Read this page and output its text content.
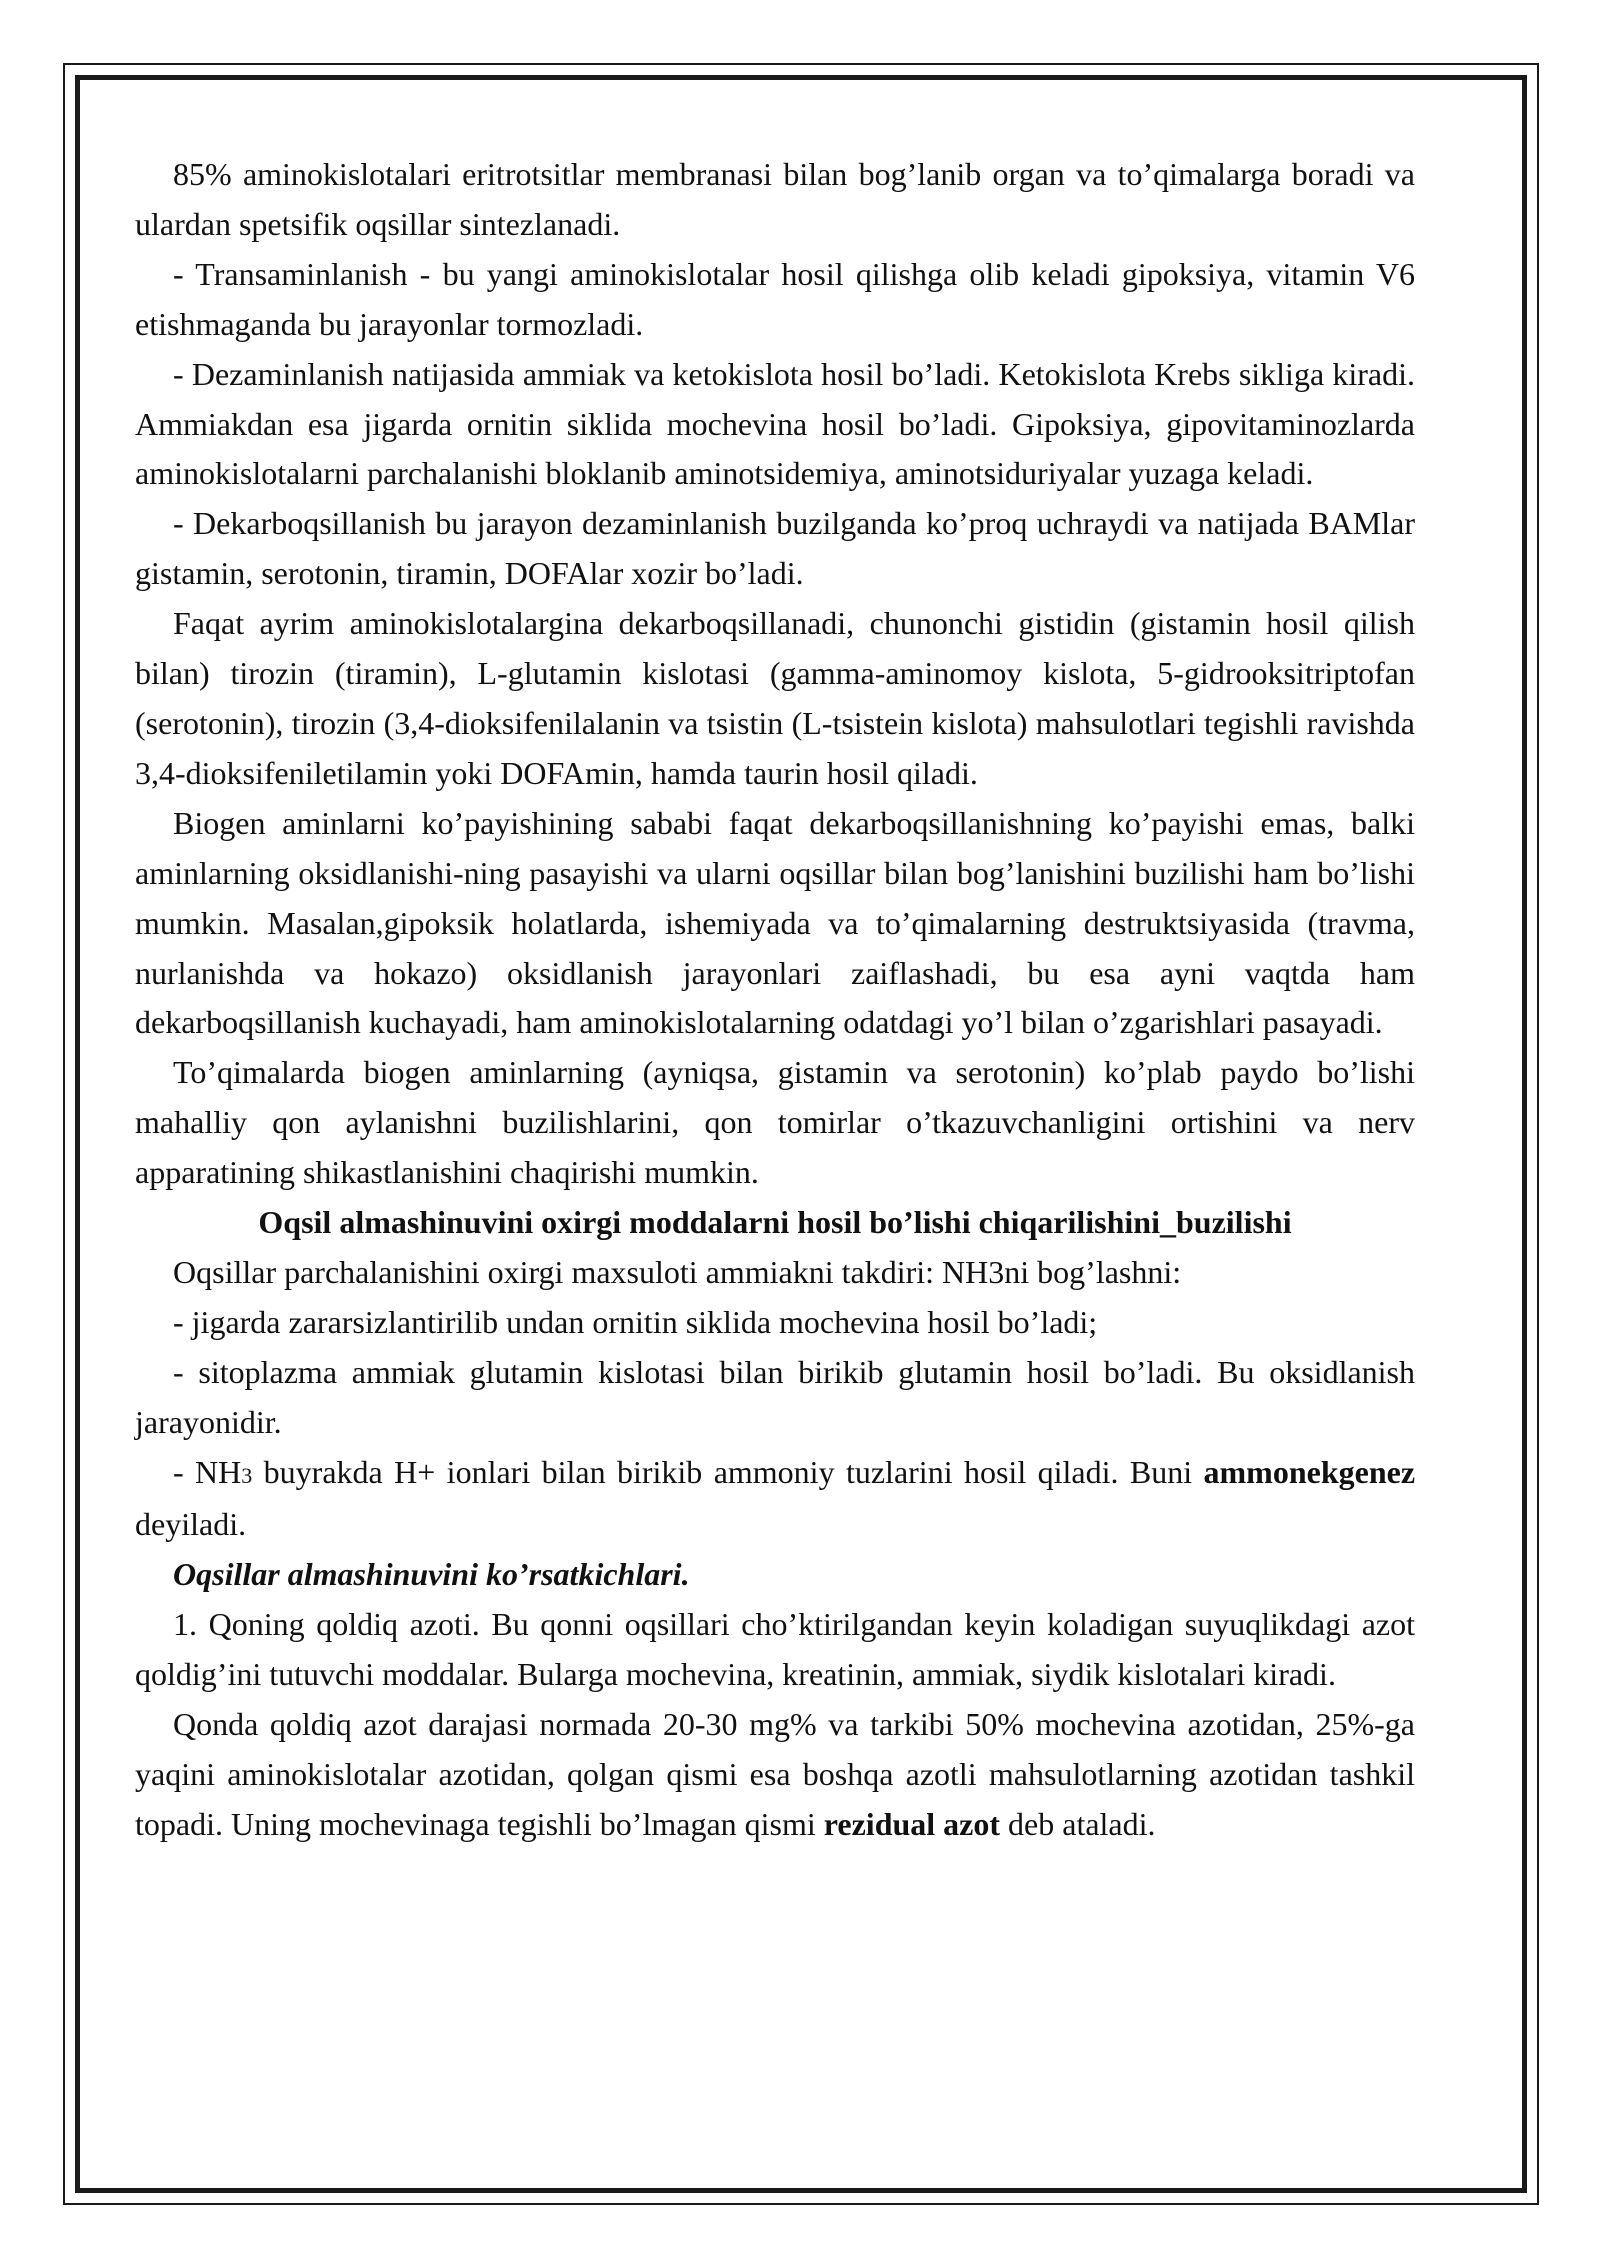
85% aminokislotalari eritrotsitlar membranasi bilan bog’lanib organ va to’qimalarga boradi va ulardan spetsifik oqsillar sintezlanadi.

- Transaminlanish - bu yangi aminokislotalar hosil qilishga olib keladi gipoksiya, vitamin V6 etishmaganda bu jarayonlar tormozladi.

- Dezaminlanish natijasida ammiak va ketokislota hosil bo’ladi. Ketokislota Krebs sikliga kiradi. Ammiakdan esa jigarda ornitin siklida mochevina hosil bo’ladi. Gipoksiya, gipovitaminozlarda aminokislotalarni parchalanishi bloklanib aminotsidemiya, aminotsiduriyalar yuzaga keladi.

- Dekarboqsillanish bu jarayon dezaminlanish buzilganda ko’proq uchraydi va natijada BAMlar gistamin, serotonin, tiramin, DOFAlar xozir bo’ladi.

Faqat ayrim aminokislotalargina dekarboqsillanadi, chunonchi gistidin (gistamin hosil qilish bilan) tirozin (tiramin), L-glutamin kislotasi (gamma-aminomoy kislota, 5-gidrooksitriptofan (serotonin), tirozin (3,4-dioksifenilalanin va tsistin (L-tsistein kislota) mahsulotlari tegishli ravishda 3,4-dioksifeniletilamin yoki DOFAmin, hamda taurin hosil qiladi.

Biogen aminlarni ko’payishining sababi faqat dekarboqsillanishning ko’payishi emas, balki aminlarning oksidlanishi-ning pasayishi va ularni oqsillar bilan bog’lanishini buzilishi ham bo’lishi mumkin. Masalan,gipoksik holatlarda, ishemiyada va to’qimalarning destruktsiyasida (travma, nurlanishda va hokazo) oksidlanish jarayonlari zaiflashadi, bu esa ayni vaqtda ham dekarboqsillanish kuchayadi, ham aminokislotalarning odatdagi yo’l bilan o’zgarishlari pasayadi.

To’qimalarda biogen aminlarning (ayniqsa, gistamin va serotonin) ko’plab paydo bo’lishi mahalliy qon aylanishni buzilishlarini, qon tomirlar o’tkazuvchanligini ortishini va nerv apparatining shikastlanishini chaqirishi mumkin.

Oqsil almashinuvini oxirgi moddalarni hosil bo’lishi chiqarilishini_buzilishi

Oqsillar parchalanishini oxirgi maxsuloti ammiakni takdiri: NH3ni bog’lashni:

- jigarda zararsizlantirilib undan ornitin siklida mochevina hosil bo’ladi;

- sitoplazma ammiak glutamin kislotasi bilan birikib glutamin hosil bo’ladi. Bu oksidlanish jarayonidir.

- NH3 buyrakda H+ ionlari bilan birikib ammoniy tuzlarini hosil qiladi. Buni ammonekgenez deyiladi.

Oqsillar almashinuvini ko’rsatkichlari.

1. Qoning qoldiq azoti. Bu qonni oqsillari cho’ktirilgandan keyin koladigan suyuqlikdagi azot qoldig’ini tutuvchi moddalar. Bularga mochevina, kreatinin, ammiak, siydik kislotalari kiradi.

Qonda qoldiq azot darajasi normada 20-30 mg% va tarkibi 50% mochevina azotidan, 25%-ga yaqini aminokislotalar azotidan, qolgan qismi esa boshqa azotli mahsulotlarning azotidan tashkil topadi. Uning mochevinaga tegishli bo’lmagan qismi rezidual azot deb ataladi.
